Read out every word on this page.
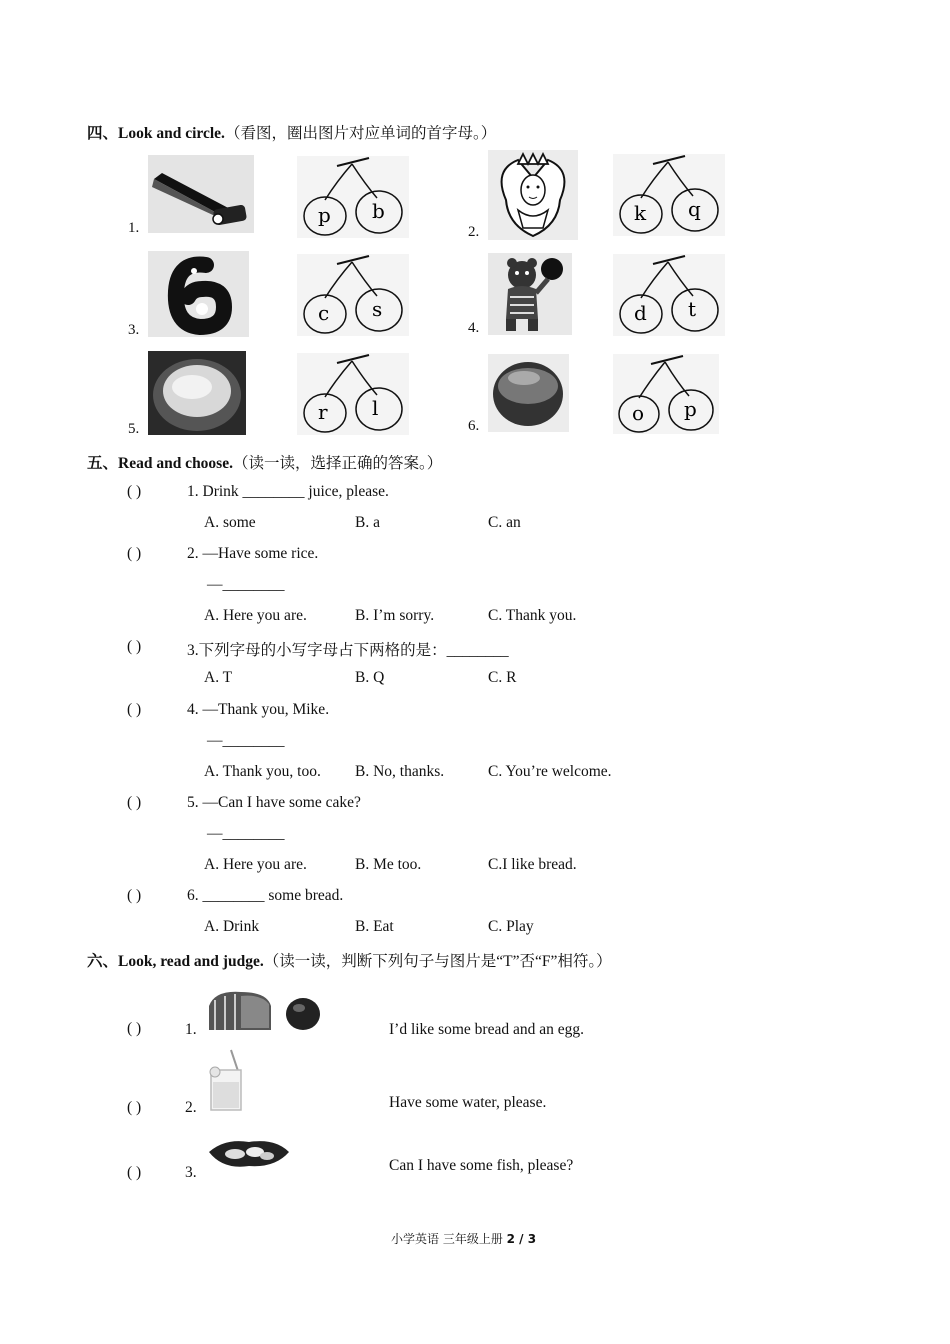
四、Look and circle.（看图，圈出图片对应单词的首字母。）
1.
p b
2.
k q
3.
c s
4.
d t
5.
r l
6.
o p
五、Read and choose.（读一读，选择正确的答案。）
( )	1. Drink ________ juice, please.
A. some	B. a	C. an
( )	2. —Have some rice.
—________
A. Here you are.	B. I’m sorry.	C. Thank you.
( )	3.下列字母的小写字母占下两格的是：________
A. T	B. Q	C. R
( )	4. —Thank you, Mike.
—________
A. Thank you, too. B. No, thanks.	C. You’re welcome.
( )	5. —Can I have some cake?
—________
A. Here you are.	B. Me too.	C.I like bread.
( )	6. ________ some bread.
A. Drink	B. Eat	C. Play
六、Look, read and judge.（读一读，判断下列句子与图片是“T”否“F”相符。）
( )	1.	I’d like some bread and an egg.
( )	2.	Have some water, please.
( )	3.	Can I have some fish, please?
小学英语 三年级上册 2 / 3
